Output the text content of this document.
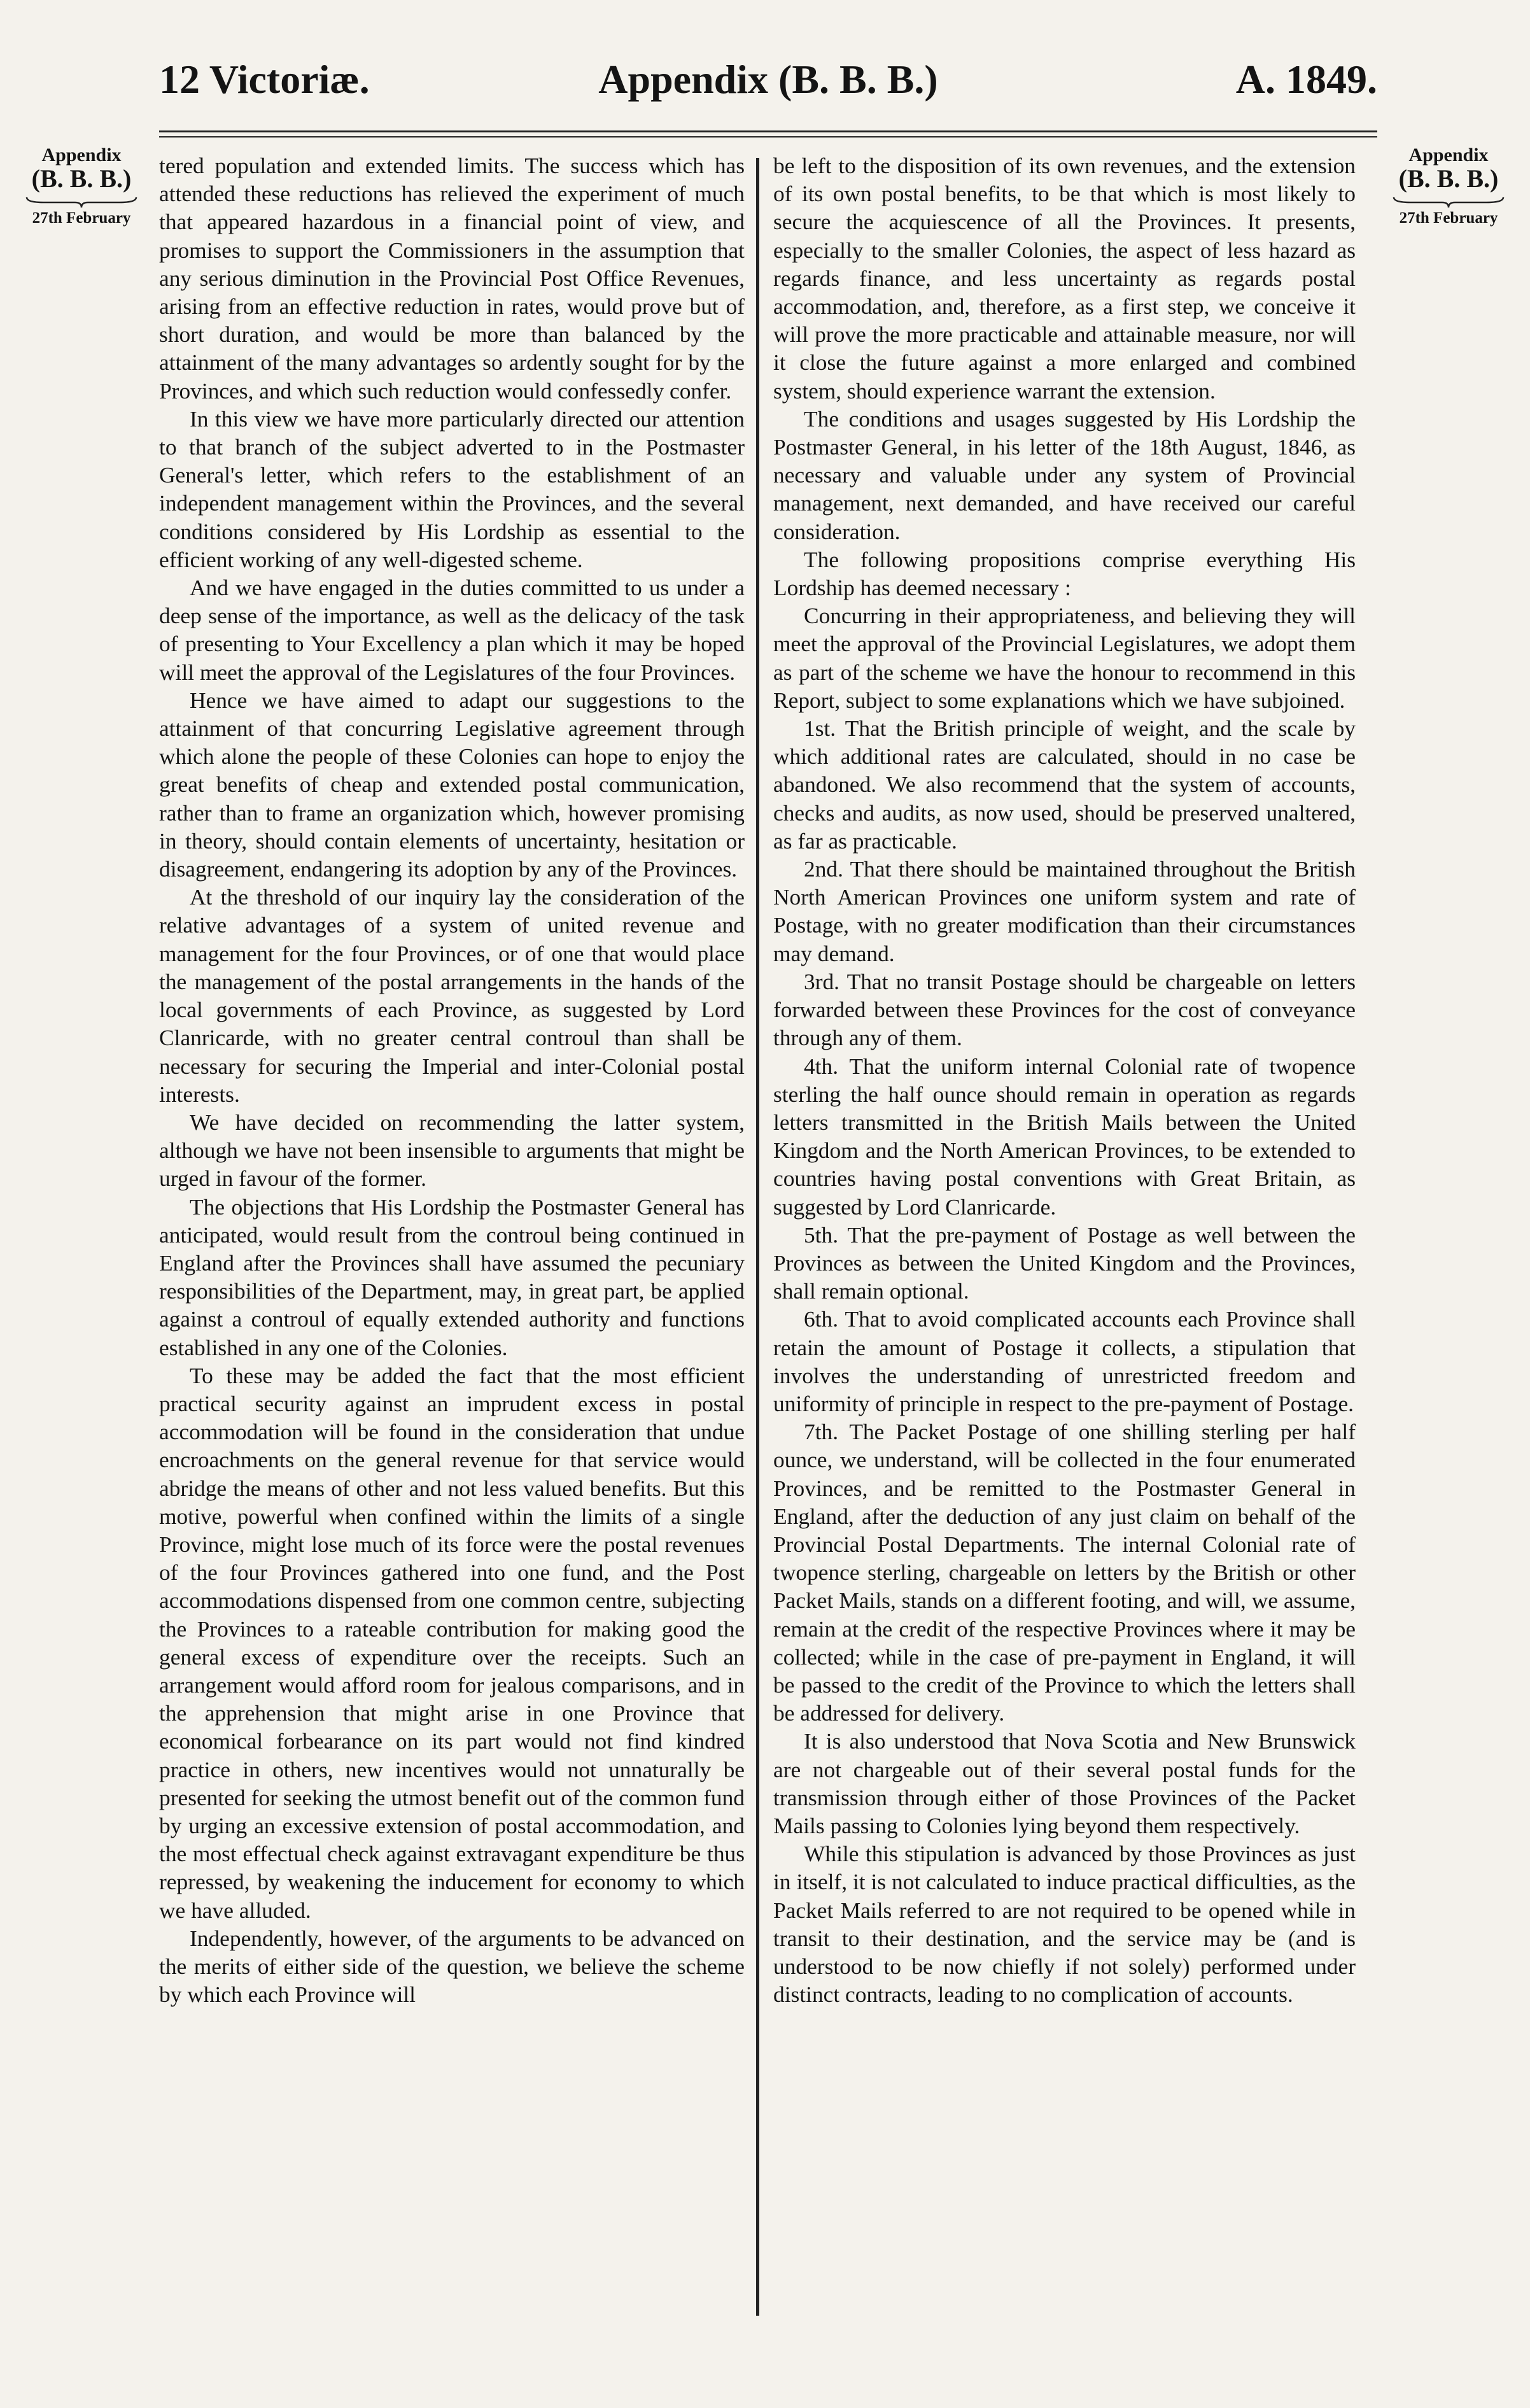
12 Victoriæ.	Appendix (B. B. B.)	A. 1849.
Appendix
(B. B. B.)
27th February
Appendix
(B. B. B.)
27th February

tered population and extended limits. The success which has attended these reductions has relieved the experiment of much that appeared hazardous in a financial point of view, and promises to support the Commissioners in the assumption that any serious diminution in the Provincial Post Office Revenues, arising from an effective reduction in rates, would prove but of short duration, and would be more than balanced by the attainment of the many advantages so ardently sought for by the Provinces, and which such reduction would confessedly confer.

In this view we have more particularly directed our attention to that branch of the subject adverted to in the Postmaster General's letter, which refers to the establishment of an independent management within the Provinces, and the several conditions considered by His Lordship as essential to the efficient working of any well-digested scheme.

And we have engaged in the duties committed to us under a deep sense of the importance, as well as the delicacy of the task of presenting to Your Excellency a plan which it may be hoped will meet the approval of the Legislatures of the four Provinces.

Hence we have aimed to adapt our suggestions to the attainment of that concurring Legislative agreement through which alone the people of these Colonies can hope to enjoy the great benefits of cheap and extended postal communication, rather than to frame an organization which, however promising in theory, should contain elements of uncertainty, hesitation or disagreement, endangering its adoption by any of the Provinces.

At the threshold of our inquiry lay the consideration of the relative advantages of a system of united revenue and management for the four Provinces, or of one that would place the management of the postal arrangements in the hands of the local governments of each Province, as suggested by Lord Clanricarde, with no greater central controul than shall be necessary for securing the Imperial and inter-Colonial postal interests.

We have decided on recommending the latter system, although we have not been insensible to arguments that might be urged in favour of the former.

The objections that His Lordship the Postmaster General has anticipated, would result from the controul being continued in England after the Provinces shall have assumed the pecuniary responsibilities of the Department, may, in great part, be applied against a controul of equally extended authority and functions established in any one of the Colonies.

To these may be added the fact that the most efficient practical security against an imprudent excess in postal accommodation will be found in the consideration that undue encroachments on the general revenue for that service would abridge the means of other and not less valued benefits. But this motive, powerful when confined within the limits of a single Province, might lose much of its force were the postal revenues of the four Provinces gathered into one fund, and the Post accommodations dispensed from one common centre, subjecting the Provinces to a rateable contribution for making good the general excess of expenditure over the receipts. Such an arrangement would afford room for jealous comparisons, and in the apprehension that might arise in one Province that economical forbearance on its part would not find kindred practice in others, new incentives would not unnaturally be presented for seeking the utmost benefit out of the common fund by urging an excessive extension of postal accommodation, and the most effectual check against extravagant expenditure be thus repressed, by weakening the inducement for economy to which we have alluded.

Independently, however, of the arguments to be advanced on the merits of either side of the question, we believe the scheme by which each Province will

be left to the disposition of its own revenues, and the extension of its own postal benefits, to be that which is most likely to secure the acquiescence of all the Provinces. It presents, especially to the smaller Colonies, the aspect of less hazard as regards finance, and less uncertainty as regards postal accommodation, and, therefore, as a first step, we conceive it will prove the more practicable and attainable measure, nor will it close the future against a more enlarged and combined system, should experience warrant the extension.

The conditions and usages suggested by His Lordship the Postmaster General, in his letter of the 18th August, 1846, as necessary and valuable under any system of Provincial management, next demanded, and have received our careful consideration.

The following propositions comprise everything His Lordship has deemed necessary :

Concurring in their appropriateness, and believing they will meet the approval of the Provincial Legislatures, we adopt them as part of the scheme we have the honour to recommend in this Report, subject to some explanations which we have subjoined.

1st. That the British principle of weight, and the scale by which additional rates are calculated, should in no case be abandoned. We also recommend that the system of accounts, checks and audits, as now used, should be preserved unaltered, as far as practicable.

2nd. That there should be maintained throughout the British North American Provinces one uniform system and rate of Postage, with no greater modification than their circumstances may demand.

3rd. That no transit Postage should be chargeable on letters forwarded between these Provinces for the cost of conveyance through any of them.

4th. That the uniform internal Colonial rate of twopence sterling the half ounce should remain in operation as regards letters transmitted in the British Mails between the United Kingdom and the North American Provinces, to be extended to countries having postal conventions with Great Britain, as suggested by Lord Clanricarde.

5th. That the pre-payment of Postage as well between the Provinces as between the United Kingdom and the Provinces, shall remain optional.

6th. That to avoid complicated accounts each Province shall retain the amount of Postage it collects, a stipulation that involves the understanding of unrestricted freedom and uniformity of principle in respect to the pre-payment of Postage.

7th. The Packet Postage of one shilling sterling per half ounce, we understand, will be collected in the four enumerated Provinces, and be remitted to the Postmaster General in England, after the deduction of any just claim on behalf of the Provincial Postal Departments. The internal Colonial rate of twopence sterling, chargeable on letters by the British or other Packet Mails, stands on a different footing, and will, we assume, remain at the credit of the respective Provinces where it may be collected; while in the case of pre-payment in England, it will be passed to the credit of the Province to which the letters shall be addressed for delivery.

It is also understood that Nova Scotia and New Brunswick are not chargeable out of their several postal funds for the transmission through either of those Provinces of the Packet Mails passing to Colonies lying beyond them respectively.

While this stipulation is advanced by those Provinces as just in itself, it is not calculated to induce practical difficulties, as the Packet Mails referred to are not required to be opened while in transit to their destination, and the service may be (and is understood to be now chiefly if not solely) performed under distinct contracts, leading to no complication of accounts.
